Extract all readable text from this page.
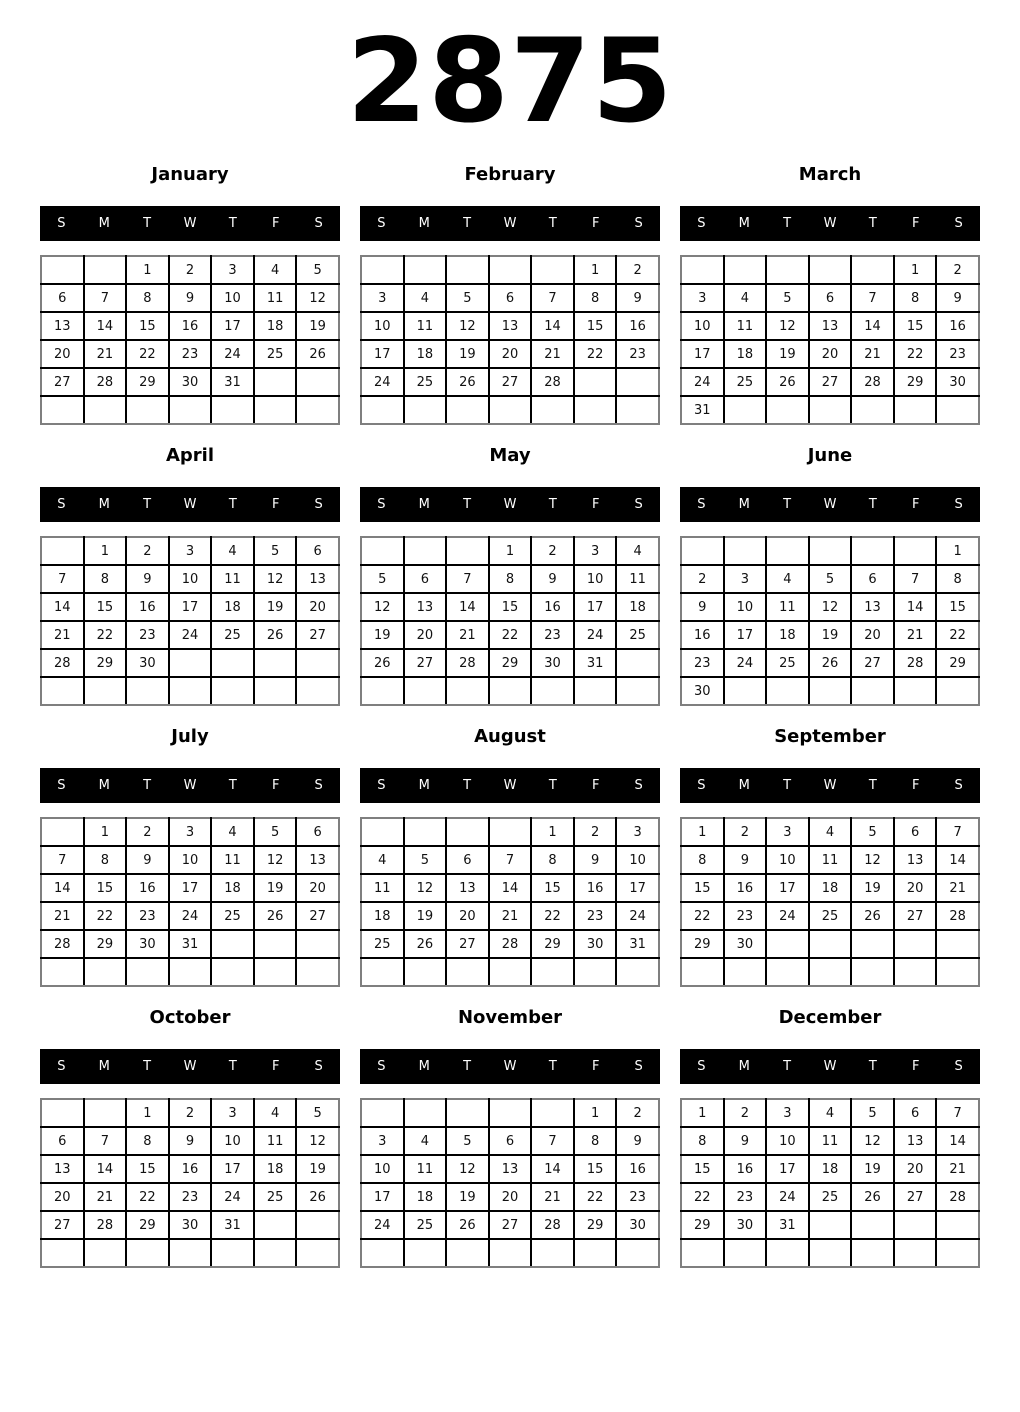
2875
January
S	M	T	W	T	F	S
		1	2	3	4	5
6	7	8	9	10	11	12
13	14	15	16	17	18	19
20	21	22	23	24	25	26
27	28	29	30	31		

February
S	M	T	W	T	F	S
					1	2
3	4	5	6	7	8	9
10	11	12	13	14	15	16
17	18	19	20	21	22	23
24	25	26	27	28		

March
S	M	T	W	T	F	S
					1	2
3	4	5	6	7	8	9
10	11	12	13	14	15	16
17	18	19	20	21	22	23
24	25	26	27	28	29	30
31						
April
S	M	T	W	T	F	S
	1	2	3	4	5	6
7	8	9	10	11	12	13
14	15	16	17	18	19	20
21	22	23	24	25	26	27
28	29	30				

May
S	M	T	W	T	F	S
			1	2	3	4
5	6	7	8	9	10	11
12	13	14	15	16	17	18
19	20	21	22	23	24	25
26	27	28	29	30	31	

June
S	M	T	W	T	F	S
						1
2	3	4	5	6	7	8
9	10	11	12	13	14	15
16	17	18	19	20	21	22
23	24	25	26	27	28	29
30						
July
S	M	T	W	T	F	S
	1	2	3	4	5	6
7	8	9	10	11	12	13
14	15	16	17	18	19	20
21	22	23	24	25	26	27
28	29	30	31			

August
S	M	T	W	T	F	S
				1	2	3
4	5	6	7	8	9	10
11	12	13	14	15	16	17
18	19	20	21	22	23	24
25	26	27	28	29	30	31

September
S	M	T	W	T	F	S
1	2	3	4	5	6	7
8	9	10	11	12	13	14
15	16	17	18	19	20	21
22	23	24	25	26	27	28
29	30					

October
S	M	T	W	T	F	S
		1	2	3	4	5
6	7	8	9	10	11	12
13	14	15	16	17	18	19
20	21	22	23	24	25	26
27	28	29	30	31		

November
S	M	T	W	T	F	S
					1	2
3	4	5	6	7	8	9
10	11	12	13	14	15	16
17	18	19	20	21	22	23
24	25	26	27	28	29	30

December
S	M	T	W	T	F	S
1	2	3	4	5	6	7
8	9	10	11	12	13	14
15	16	17	18	19	20	21
22	23	24	25	26	27	28
29	30	31				
